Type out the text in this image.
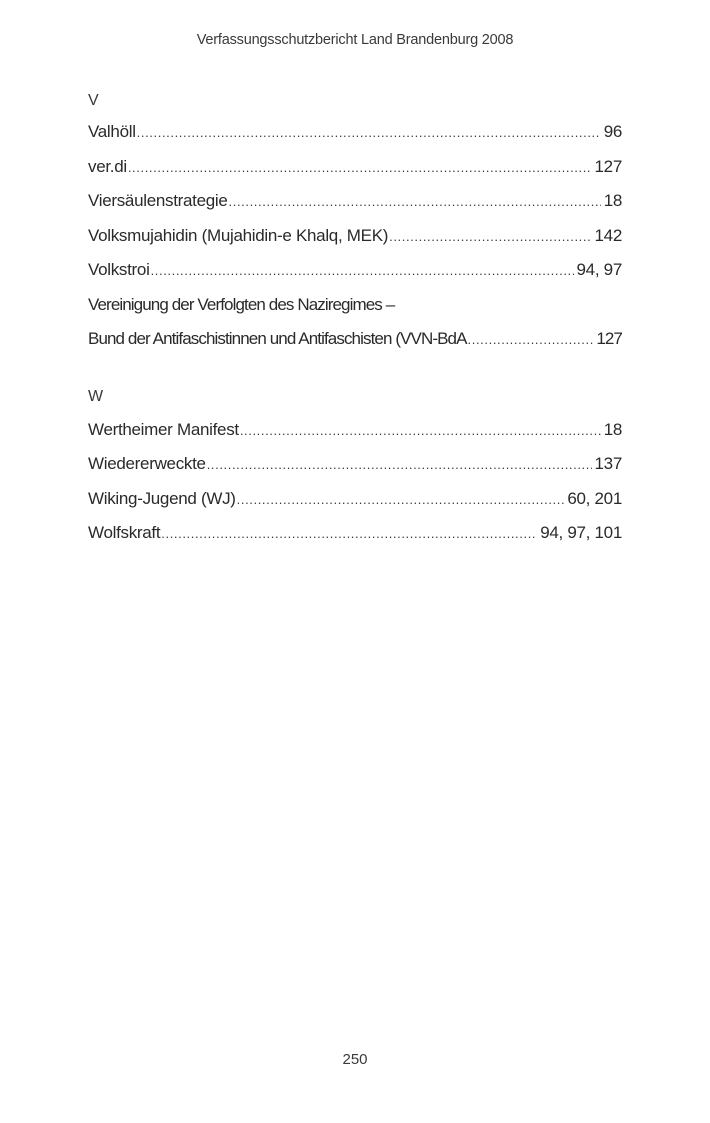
Verfassungsschutzbericht Land Brandenburg 2008
V
Valhöll .....	96
ver.di .....	127
Viersäulenstrategie .....	18
Volksmujahidin (Mujahidin-e Khalq, MEK) .....	142
Volkstroi .....	94, 97
Vereinigung der Verfolgten des Naziregimes –
Bund der Antifaschistinnen und Antifaschisten (VVN-BdA .....	127
W
Wertheimer Manifest .....	18
Wiedererweckte .....	137
Wiking-Jugend (WJ) .....	60, 201
Wolfskraft .....	94, 97, 101
250
